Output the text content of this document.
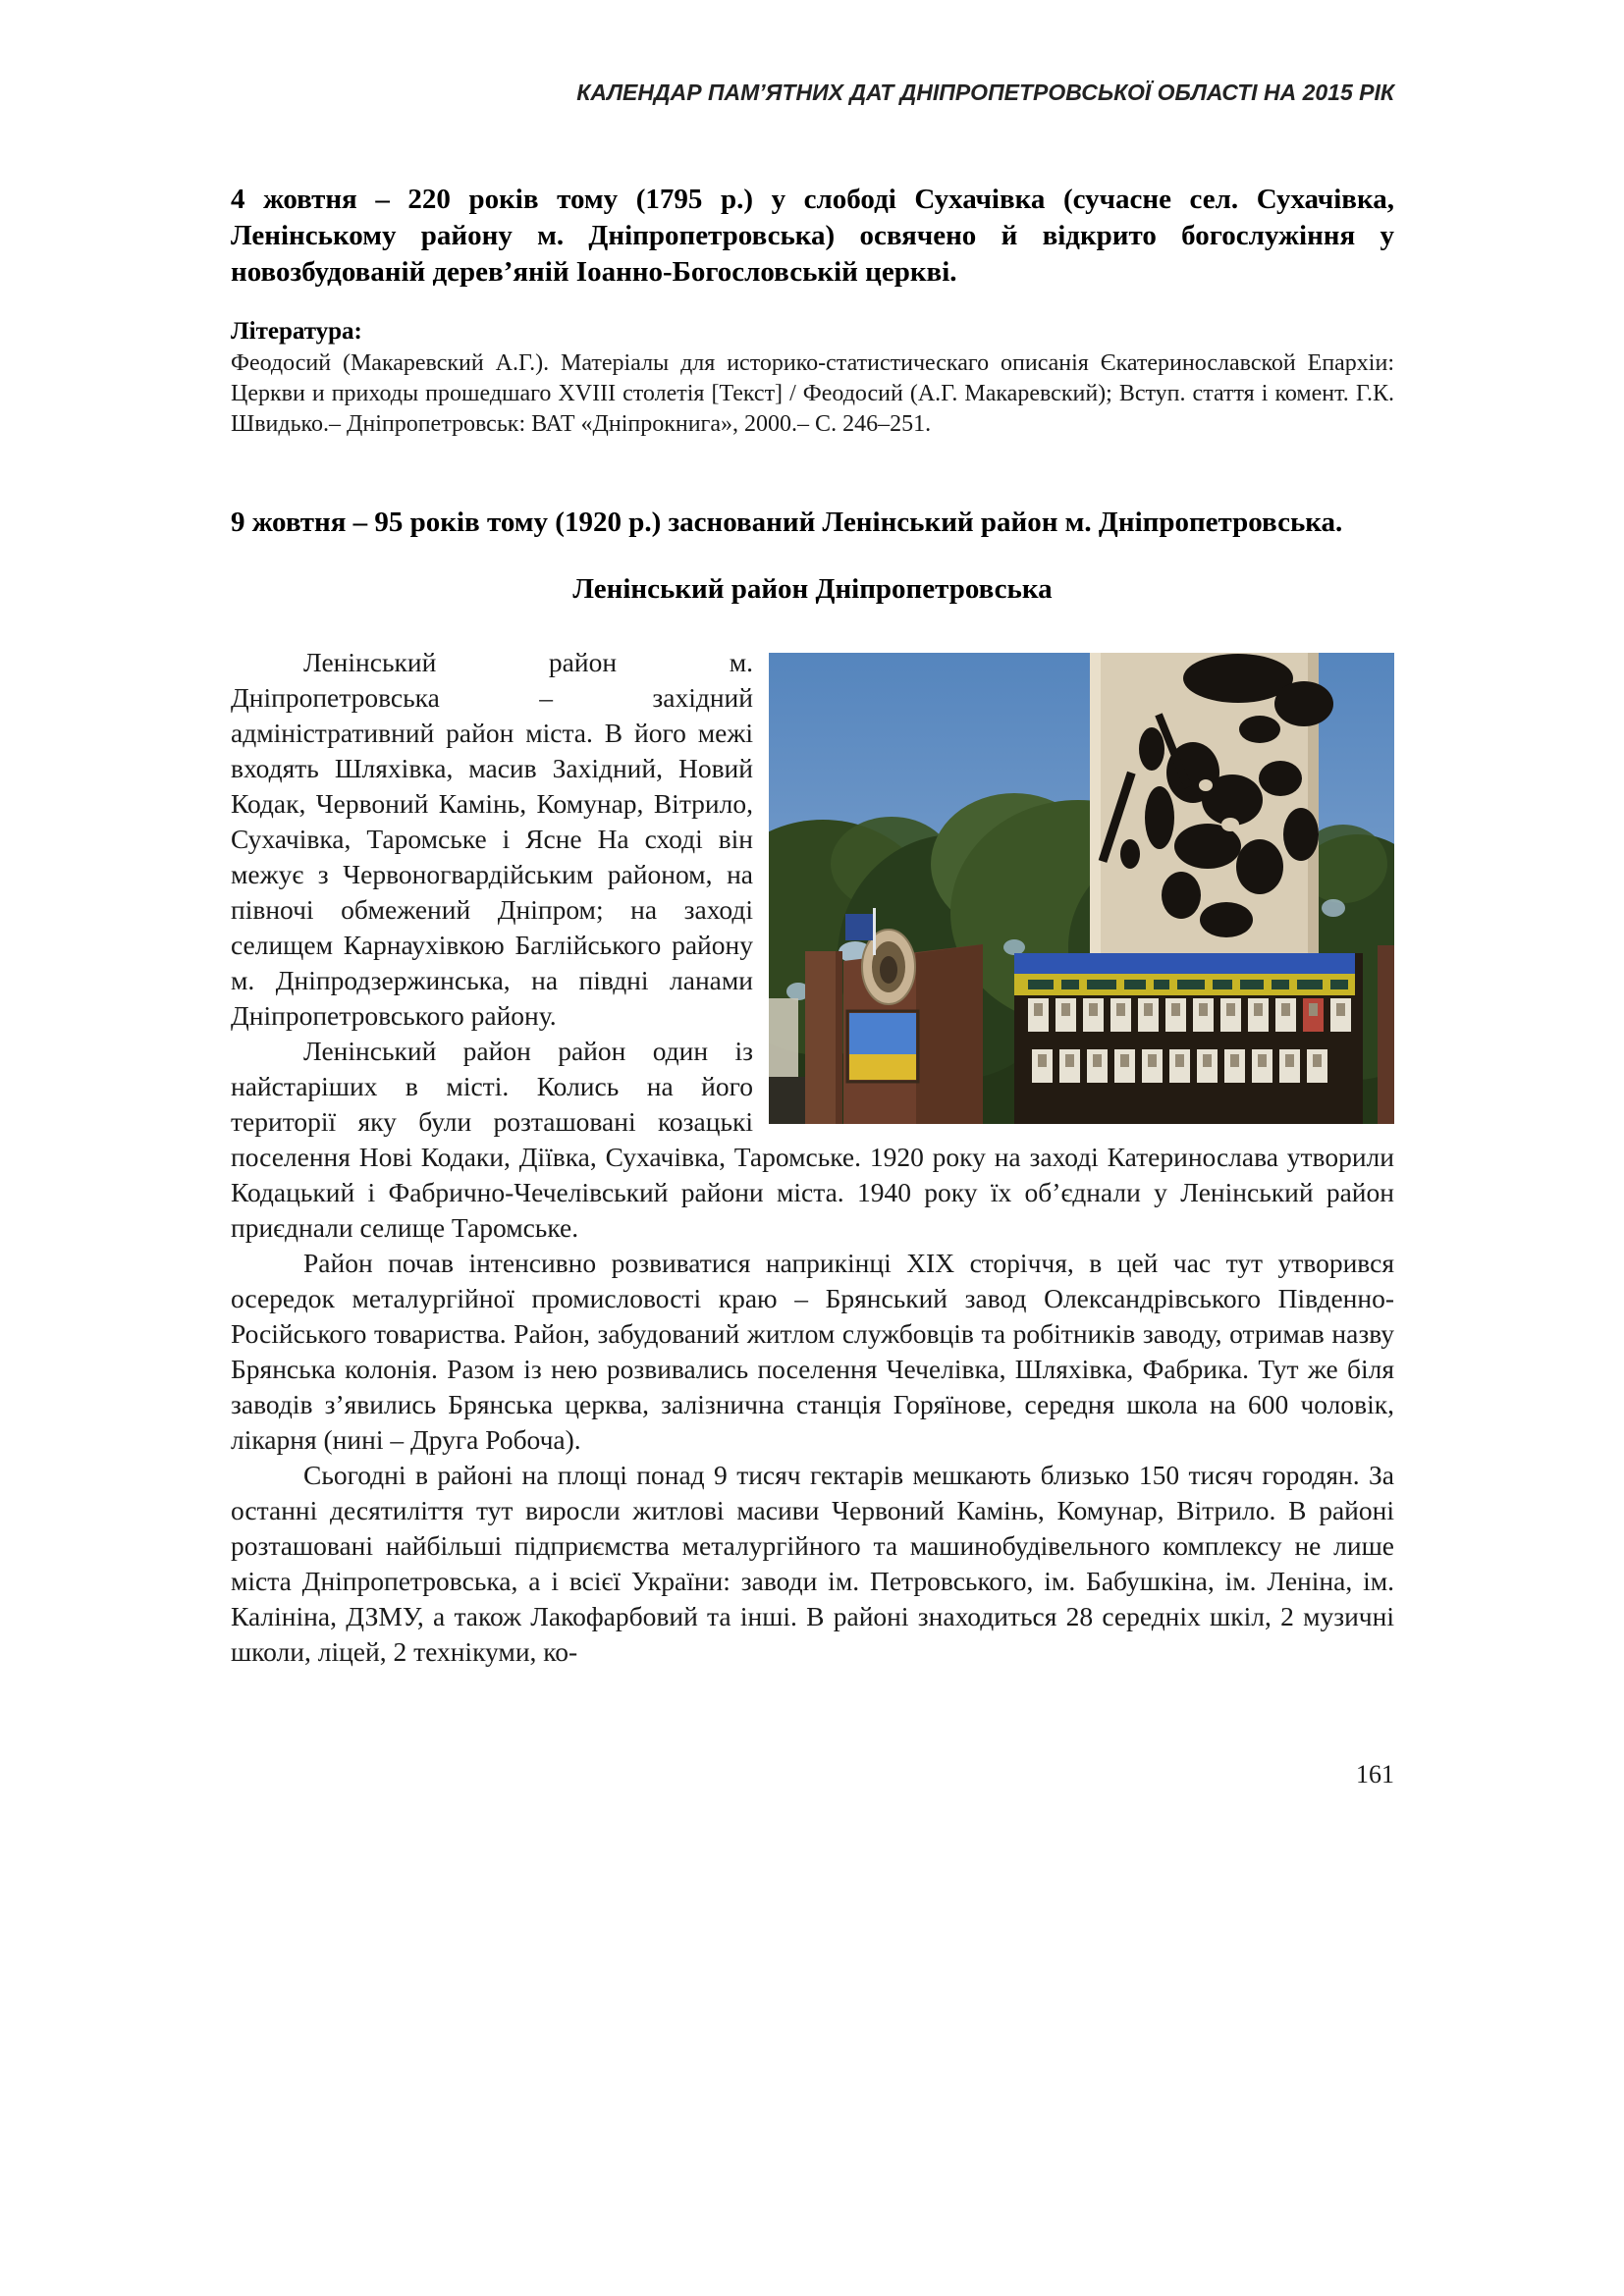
КАЛЕНДАР ПАМ’ЯТНИХ ДАТ ДНІПРОПЕТРОВСЬКОЇ ОБЛАСТІ НА 2015 РІК

4 жовтня – 220 років тому (1795 р.) у слободі Сухачівка (сучасне сел. Сухачівка, Ленінському району м. Дніпропетровська) освячено й відкрито богослужіння у новозбудованій дерев’яній Іоанно-Богословській церкві.

Література:

Феодосий (Макаревский А.Г.). Матеріалы для историко-статистическаго описанія Єкатеринославской Епархіи: Церкви и приходы прошедшаго XVIII столетія [Текст] / Феодосий (А.Г. Макаревский); Вступ. стаття і комент. Г.К. Швидько.– Дніпропетровськ: ВАТ «Дніпрокнига», 2000.– С. 246–251.

9 жовтня – 95 років тому (1920 р.) заснований Ленінський район м. Дніпропетровська.

Ленінський район Дніпропетровська

Ленінський район м. Дніпропетровська – західний адміністративний район міста. В його межі входять Шляхівка, масив Західний, Новий Кодак, Червоний Камінь, Комунар, Вітрило, Сухачівка, Таромське і Ясне На сході він межує з Червоногвардійським районом, на півночі обмежений Дніпром; на заході селищем Карнаухівкою Баглійського району м. Дніпродзержинська, на півдні ланами Дніпропетровського району.

Ленінський район район один із найстаріших в місті. Колись на його території яку були розташовані козацькі поселення Нові Кодаки, Діївка, Сухачівка, Таромське. 1920 року на заході Катеринослава утворили Кодацький і Фабрично-Чечелівський райони міста. 1940 року їх об’єднали у Ленінський район приєднали селище Таромське.

Район почав інтенсивно розвиватися наприкінці XIX сторіччя, в цей час тут утворився осередок металургійної промисловості краю – Брянський завод Олександрівського Південно-Російського товариства. Район, забудований житлом службовців та робітників заводу, отримав назву Брянська колонія. Разом із нею розвивались поселення Чечелівка, Шляхівка, Фабрика. Тут же біля заводів з’явились Брянська церква, залізнична станція Горяїнове, середня школа на 600 чоловік, лікарня (нині – Друга Робоча).

Сьогодні в районі на площі понад 9 тисяч гектарів мешкають близько 150 тисяч городян. За останні десятиліття тут виросли житлові масиви Червоний Камінь, Комунар, Вітрило. В районі розташовані найбільші підприємства металургійного та машинобудівельного комплексу не лише міста Дніпропетровська, а і всієї України: заводи ім. Петровського, ім. Бабушкіна, ім. Леніна, ім. Калініна, ДЗМУ, а також Лакофарбовий та інші. В районі знаходиться 28 середніх шкіл, 2 музичні школи, ліцей, 2 технікуми, ко-

161
